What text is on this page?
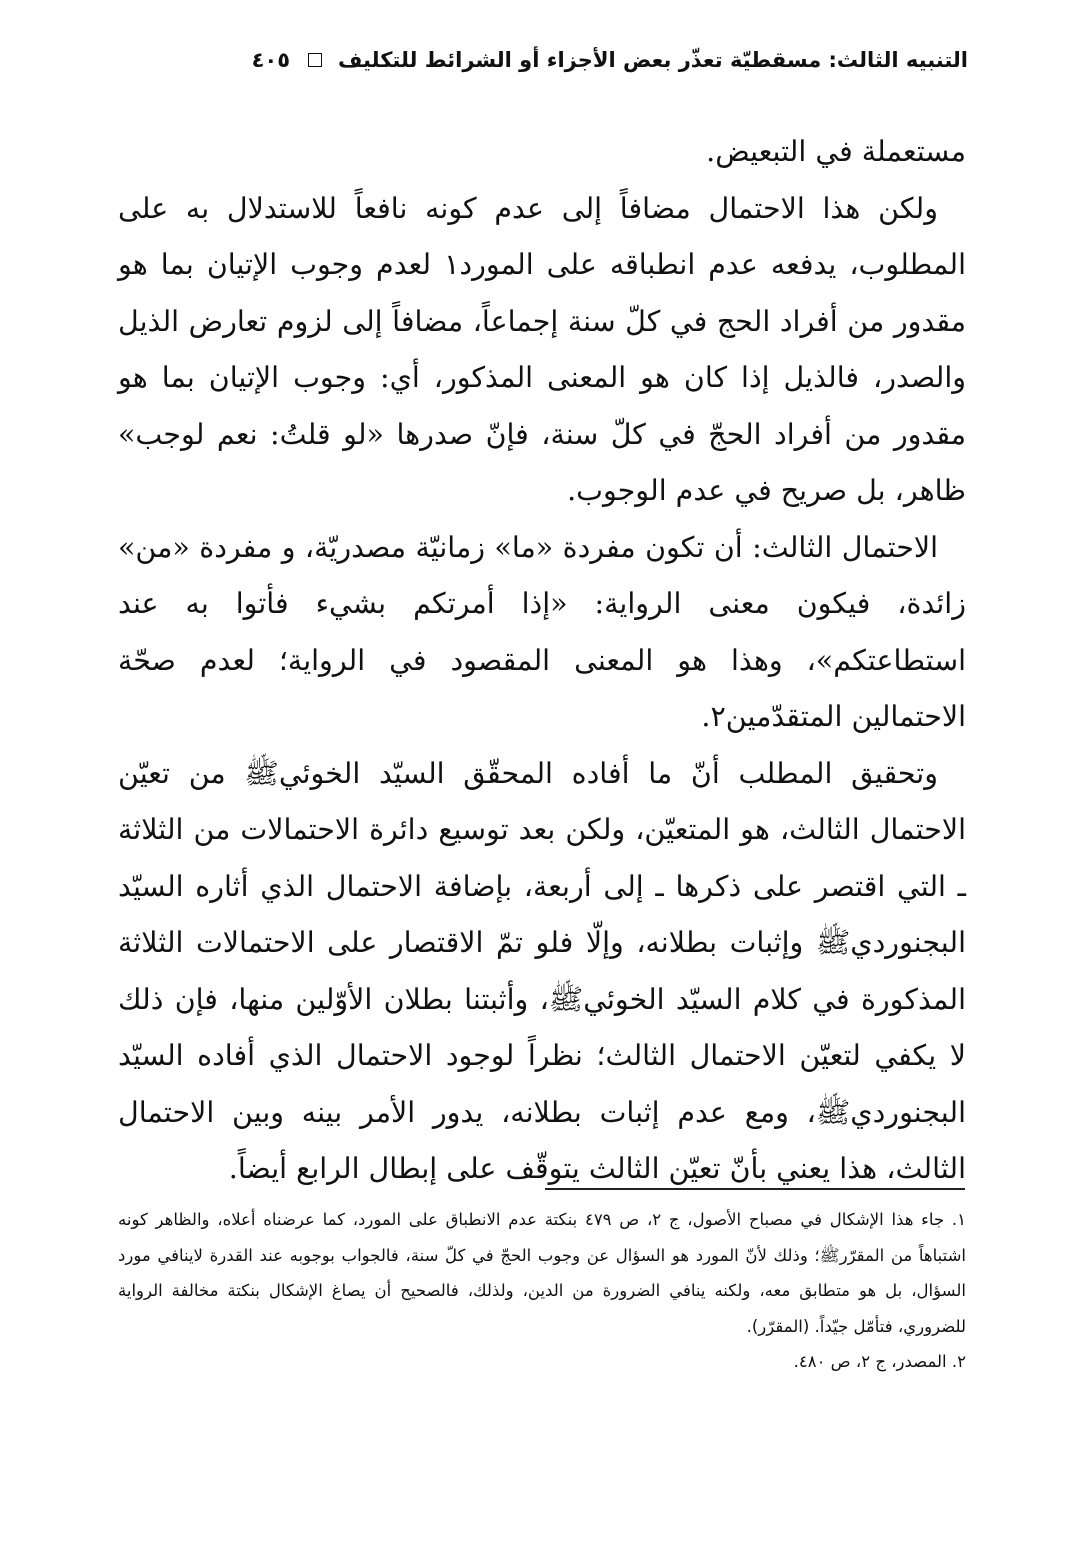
التنبيه الثالث: مسقطيّة تعذّر بعض الأجزاء أو الشرائط للتكليف
٤٠٥

مستعملة في التبعيض.

ولكن هذا الاحتمال مضافاً إلى عدم كونه نافعاً للاستدلال به على المطلوب، يدفعه عدم انطباقه على المورد١ لعدم وجوب الإتيان بما هو مقدور من أفراد الحج في كلّ سنة إجماعاً، مضافاً إلى لزوم تعارض الذيل والصدر، فالذيل إذا كان هو المعنى المذكور، أي: وجوب الإتيان بما هو مقدور من أفراد الحجّ في كلّ سنة، فإنّ صدرها «لو قلتُ: نعم لوجب» ظاهر، بل صريح في عدم الوجوب.

الاحتمال الثالث: أن تكون مفردة «ما» زمانيّة مصدريّة، و مفردة «من» زائدة، فيكون معنى الرواية: «إذا أمرتكم بشيء فأتوا به عند استطاعتكم»، وهذا هو المعنى المقصود في الرواية؛ لعدم صحّة الاحتمالين المتقدّمين٢.

وتحقيق المطلب أنّ ما أفاده المحقّق السيّد الخوئيﷺ من تعيّن الاحتمال الثالث، هو المتعيّن، ولكن بعد توسيع دائرة الاحتمالات من الثلاثة ـ التي اقتصر على ذكرها ـ إلى أربعة، بإضافة الاحتمال الذي أثاره السيّد البجنورديﷺ وإثبات بطلانه، وإلّا فلو تمّ الاقتصار على الاحتمالات الثلاثة المذكورة في كلام السيّد الخوئيﷺ، وأثبتنا بطلان الأوّلين منها، فإن ذلك لا يكفي لتعيّن الاحتمال الثالث؛ نظراً لوجود الاحتمال الذي أفاده السيّد البجنورديﷺ، ومع عدم إثبات بطلانه، يدور الأمر بينه وبين الاحتمال الثالث، هذا يعني بأنّ تعيّن الثالث يتوقّف على إبطال الرابع أيضاً.

١. جاء هذا الإشكال في مصباح الأصول، ج ٢، ص ٤٧٩ بنكتة عدم الانطباق على المورد، كما عرضناه أعلاه، والظاهر كونه اشتباهاً من المقرّرﷺ؛ وذلك لأنّ المورد هو السؤال عن وجوب الحجّ في كلّ سنة، فالجواب بوجوبه عند القدرة لاينافي مورد السؤال، بل هو متطابق معه، ولكنه ينافي الضرورة من الدين، ولذلك، فالصحيح أن يصاغ الإشكال بنكتة مخالفة الرواية للضروري، فتأمّل جيّداً. (المقرّر).

٢. المصدر، ج ٢، ص ٤٨٠.
